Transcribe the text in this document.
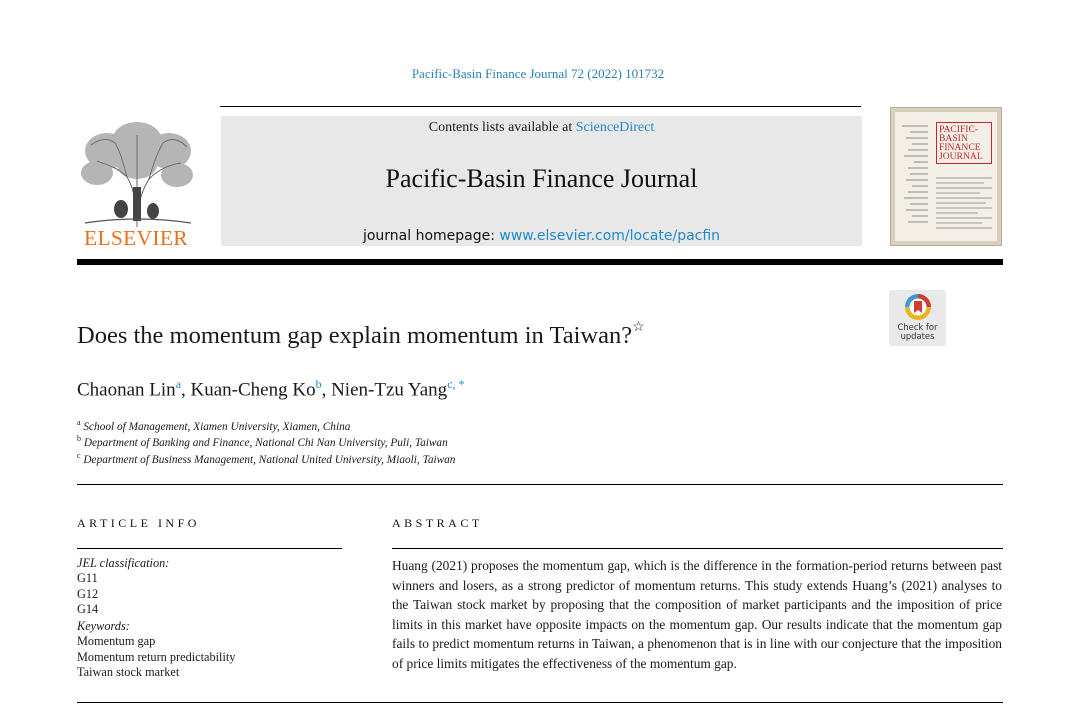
Pacific-Basin Finance Journal 72 (2022) 101732
ELSEVIER
Contents lists available at ScienceDirect
Pacific-Basin Finance Journal
journal homepage: www.elsevier.com/locate/pacfin
PACIFIC-
BASIN
FINANCE
JOURNAL
Check for
updates
Does the momentum gap explain momentum in Taiwan?☆
Chaonan Lin$^a$, Kuan-Cheng Ko$^b$, Nien-Tzu Yang$^{c, *}$
$^a$ School of Management, Xiamen University, Xiamen, China
$^b$ Department of Banking and Finance, National Chi Nan University, Puli, Taiwan
$^c$ Department of Business Management, National United University, Miaoli, Taiwan
ARTICLE INFO	ABSTRACT
JEL classification:
G11
G12
G14
Keywords:
Momentum gap
Momentum return predictability
Taiwan stock market
Huang (2021) proposes the momentum gap, which is the difference in the formation-period returns between past winners and losers, as a strong predictor of momentum returns. This study extends Huang’s (2021) analyses to the Taiwan stock market by proposing that the composition of market participants and the imposition of price limits in this market have opposite impacts on the momentum gap. Our results indicate that the momentum gap fails to predict momentum returns in Taiwan, a phenomenon that is in line with our conjecture that the imposition of price limits mitigates the effectiveness of the momentum gap.
